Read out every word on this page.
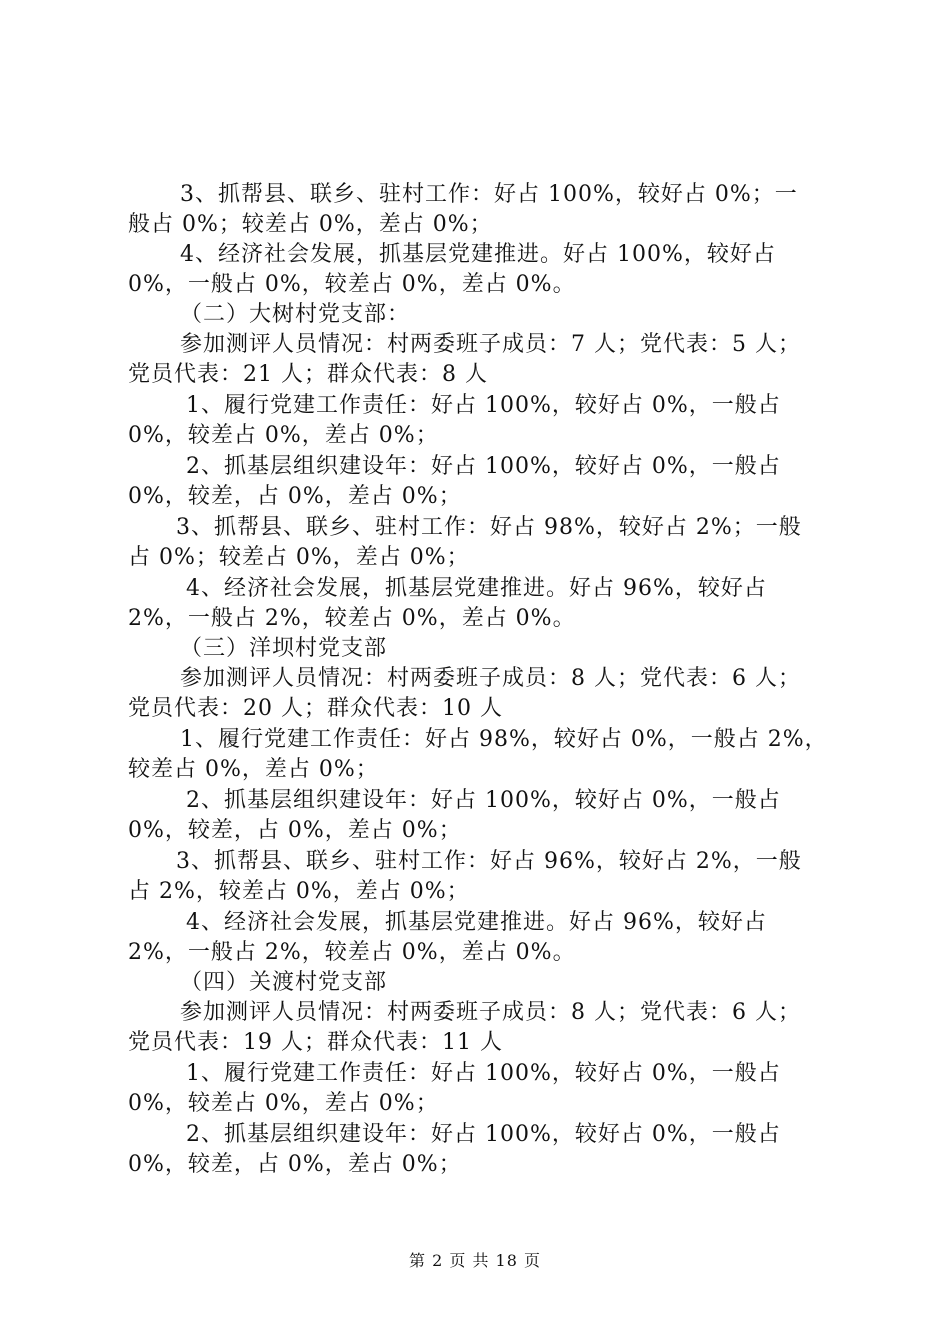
3、抓帮县、联乡、驻村工作：好占 100%，较好占 0%；一
般占 0%；较差占 0%，差占 0%；
4、经济社会发展，抓基层党建推进。好占 100%，较好占
0%，一般占 0%，较差占 0%，差占 0%。
（二）大树村党支部：
参加测评人员情况：村两委班子成员：7 人；党代表：5 人；
党员代表：21 人；群众代表：8 人
1、履行党建工作责任：好占 100%，较好占 0%，一般占
0%，较差占 0%，差占 0%；
2、抓基层组织建设年：好占 100%，较好占 0%，一般占
0%，较差，占 0%，差占 0%；
3、抓帮县、联乡、驻村工作：好占 98%，较好占 2%；一般
占 0%；较差占 0%，差占 0%；
4、经济社会发展，抓基层党建推进。好占 96%，较好占
2%，一般占 2%，较差占 0%，差占 0%。
（三）洋坝村党支部
参加测评人员情况：村两委班子成员：8 人；党代表：6 人；
党员代表：20 人；群众代表：10 人
1、履行党建工作责任：好占 98%，较好占 0%，一般占 2%，
较差占 0%，差占 0%；
2、抓基层组织建设年：好占 100%，较好占 0%，一般占
0%，较差，占 0%，差占 0%；
3、抓帮县、联乡、驻村工作：好占 96%，较好占 2%，一般
占 2%，较差占 0%，差占 0%；
4、经济社会发展，抓基层党建推进。好占 96%，较好占
2%，一般占 2%，较差占 0%，差占 0%。
（四）关渡村党支部
参加测评人员情况：村两委班子成员：8 人；党代表：6 人；
党员代表：19 人；群众代表：11 人
1、履行党建工作责任：好占 100%，较好占 0%，一般占
0%，较差占 0%，差占 0%；
2、抓基层组织建设年：好占 100%，较好占 0%，一般占
0%，较差，占 0%，差占 0%；
第 2 页 共 18 页
